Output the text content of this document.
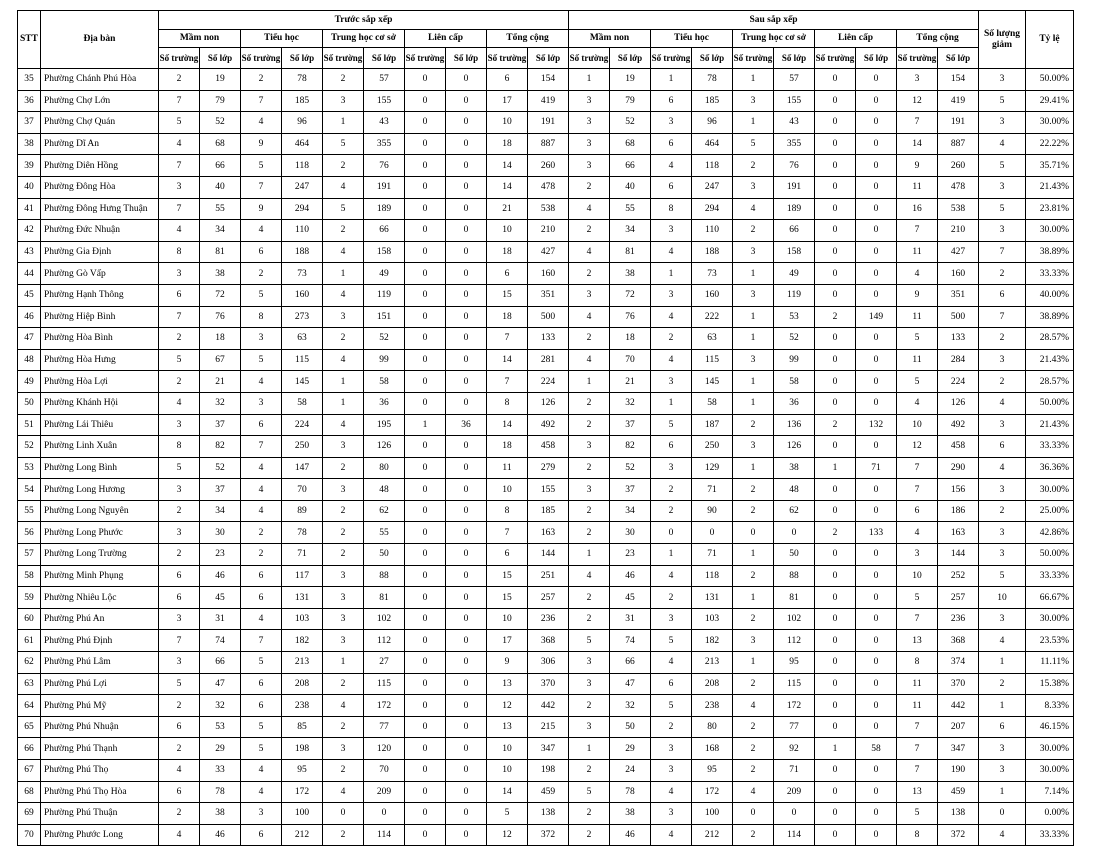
STT	Địa bàn	Trước sắp xếp										Sau sắp xếp										Số lượng giảm	Tỷ lệ
		Mầm non		Tiểu học		Trung học cơ sở		Liên cấp		Tổng cộng		Mầm non		Tiểu học		Trung học cơ sở		Liên cấp		Tổng cộng			
		Số trường	Số lớp	Số trường	Số lớp	Số trường	Số lớp	Số trường	Số lớp	Số trường	Số lớp	Số trường	Số lớp	Số trường	Số lớp	Số trường	Số lớp	Số trường	Số lớp	Số trường	Số lớp		
35	Phường Chánh Phú Hòa	2	19	2	78	2	57	0	0	6	154	1	19	1	78	1	57	0	0	3	154	3	50.00%
36	Phường Chợ Lớn	7	79	7	185	3	155	0	0	17	419	3	79	6	185	3	155	0	0	12	419	5	29.41%
37	Phường Chợ Quán	5	52	4	96	1	43	0	0	10	191	3	52	3	96	1	43	0	0	7	191	3	30.00%
38	Phường Dĩ An	4	68	9	464	5	355	0	0	18	887	3	68	6	464	5	355	0	0	14	887	4	22.22%
39	Phường Diên Hồng	7	66	5	118	2	76	0	0	14	260	3	66	4	118	2	76	0	0	9	260	5	35.71%
40	Phường Đông Hòa	3	40	7	247	4	191	0	0	14	478	2	40	6	247	3	191	0	0	11	478	3	21.43%
41	Phường Đông Hưng Thuận	7	55	9	294	5	189	0	0	21	538	4	55	8	294	4	189	0	0	16	538	5	23.81%
42	Phường Đức Nhuận	4	34	4	110	2	66	0	0	10	210	2	34	3	110	2	66	0	0	7	210	3	30.00%
43	Phường Gia Định	8	81	6	188	4	158	0	0	18	427	4	81	4	188	3	158	0	0	11	427	7	38.89%
44	Phường Gò Vấp	3	38	2	73	1	49	0	0	6	160	2	38	1	73	1	49	0	0	4	160	2	33.33%
45	Phường Hạnh Thông	6	72	5	160	4	119	0	0	15	351	3	72	3	160	3	119	0	0	9	351	6	40.00%
46	Phường Hiệp Bình	7	76	8	273	3	151	0	0	18	500	4	76	4	222	1	53	2	149	11	500	7	38.89%
47	Phường Hòa Bình	2	18	3	63	2	52	0	0	7	133	2	18	2	63	1	52	0	0	5	133	2	28.57%
48	Phường Hòa Hưng	5	67	5	115	4	99	0	0	14	281	4	70	4	115	3	99	0	0	11	284	3	21.43%
49	Phường Hòa Lợi	2	21	4	145	1	58	0	0	7	224	1	21	3	145	1	58	0	0	5	224	2	28.57%
50	Phường Khánh Hội	4	32	3	58	1	36	0	0	8	126	2	32	1	58	1	36	0	0	4	126	4	50.00%
51	Phường Lái Thiêu	3	37	6	224	4	195	1	36	14	492	2	37	5	187	2	136	2	132	10	492	3	21.43%
52	Phường Linh Xuân	8	82	7	250	3	126	0	0	18	458	3	82	6	250	3	126	0	0	12	458	6	33.33%
53	Phường Long Bình	5	52	4	147	2	80	0	0	11	279	2	52	3	129	1	38	1	71	7	290	4	36.36%
54	Phường Long Hương	3	37	4	70	3	48	0	0	10	155	3	37	2	71	2	48	0	0	7	156	3	30.00%
55	Phường Long Nguyên	2	34	4	89	2	62	0	0	8	185	2	34	2	90	2	62	0	0	6	186	2	25.00%
56	Phường Long Phước	3	30	2	78	2	55	0	0	7	163	2	30	0	0	0	0	2	133	4	163	3	42.86%
57	Phường Long Trường	2	23	2	71	2	50	0	0	6	144	1	23	1	71	1	50	0	0	3	144	3	50.00%
58	Phường Minh Phụng	6	46	6	117	3	88	0	0	15	251	4	46	4	118	2	88	0	0	10	252	5	33.33%
59	Phường Nhiêu Lộc	6	45	6	131	3	81	0	0	15	257	2	45	2	131	1	81	0	0	5	257	10	66.67%
60	Phường Phú An	3	31	4	103	3	102	0	0	10	236	2	31	3	103	2	102	0	0	7	236	3	30.00%
61	Phường Phú Định	7	74	7	182	3	112	0	0	17	368	5	74	5	182	3	112	0	0	13	368	4	23.53%
62	Phường Phú Lâm	3	66	5	213	1	27	0	0	9	306	3	66	4	213	1	95	0	0	8	374	1	11.11%
63	Phường Phú Lợi	5	47	6	208	2	115	0	0	13	370	3	47	6	208	2	115	0	0	11	370	2	15.38%
64	Phường Phú Mỹ	2	32	6	238	4	172	0	0	12	442	2	32	5	238	4	172	0	0	11	442	1	8.33%
65	Phường Phú Nhuận	6	53	5	85	2	77	0	0	13	215	3	50	2	80	2	77	0	0	7	207	6	46.15%
66	Phường Phú Thạnh	2	29	5	198	3	120	0	0	10	347	1	29	3	168	2	92	1	58	7	347	3	30.00%
67	Phường Phú Thọ	4	33	4	95	2	70	0	0	10	198	2	24	3	95	2	71	0	0	7	190	3	30.00%
68	Phường Phú Thọ Hòa	6	78	4	172	4	209	0	0	14	459	5	78	4	172	4	209	0	0	13	459	1	7.14%
69	Phường Phú Thuận	2	38	3	100	0	0	0	0	5	138	2	38	3	100	0	0	0	0	5	138	0	0.00%
70	Phường Phước Long	4	46	6	212	2	114	0	0	12	372	2	46	4	212	2	114	0	0	8	372	4	33.33%
